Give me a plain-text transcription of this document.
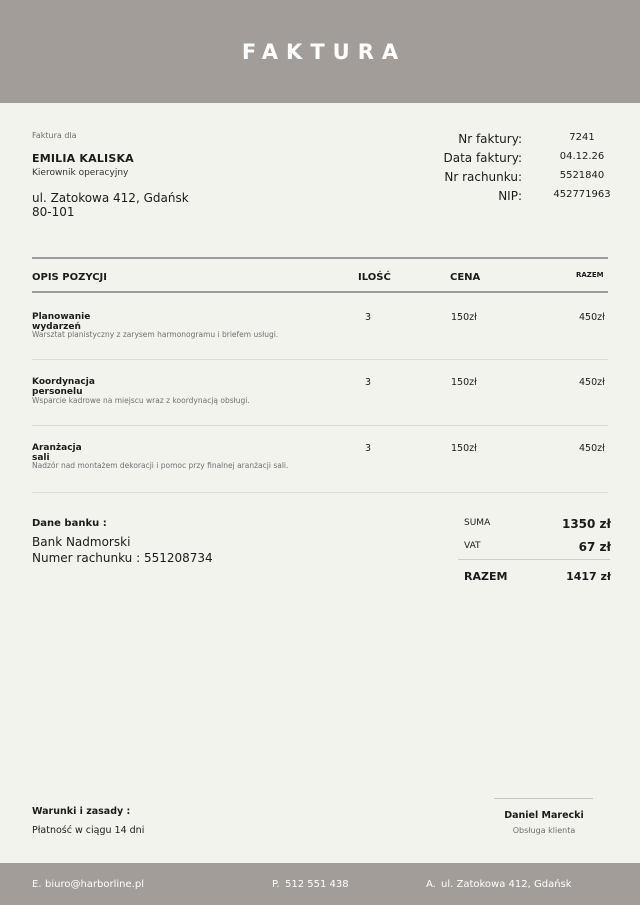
FAKTURA
Faktura dla
EMILIA KALISKA
Kierownik operacyjny
ul. Zatokowa 412, Gdańsk
80-101
Nr faktury:	7241
Data faktury:	04.12.26
Nr rachunku:	5521840
NIP:	452771963
OPIS POZYCJI	ILOŚĆ	CENA	RAZEM
Planowanie wydarzeń
Warsztat planistyczny z zarysem harmonogramu i briefem usługi.
3	150zł	450zł
Koordynacja personelu
Wsparcie kadrowe na miejscu wraz z koordynacją obsługi.
3	150zł	450zł
Aranżacja sali
Nadzór nad montażem dekoracji i pomoc przy finalnej aranżacji sali.
3	150zł	450zł
Dane banku :
Bank Nadmorski
Numer rachunku : 551208734
SUMA	1350 zł
VAT	67 zł
RAZEM	1417 zł
Warunki i zasady :
Płatność w ciągu 14 dni
Daniel Marecki
Obsługa klienta
E. biuro@harborline.pl	P. 512 551 438	A. ul. Zatokowa 412, Gdańsk
